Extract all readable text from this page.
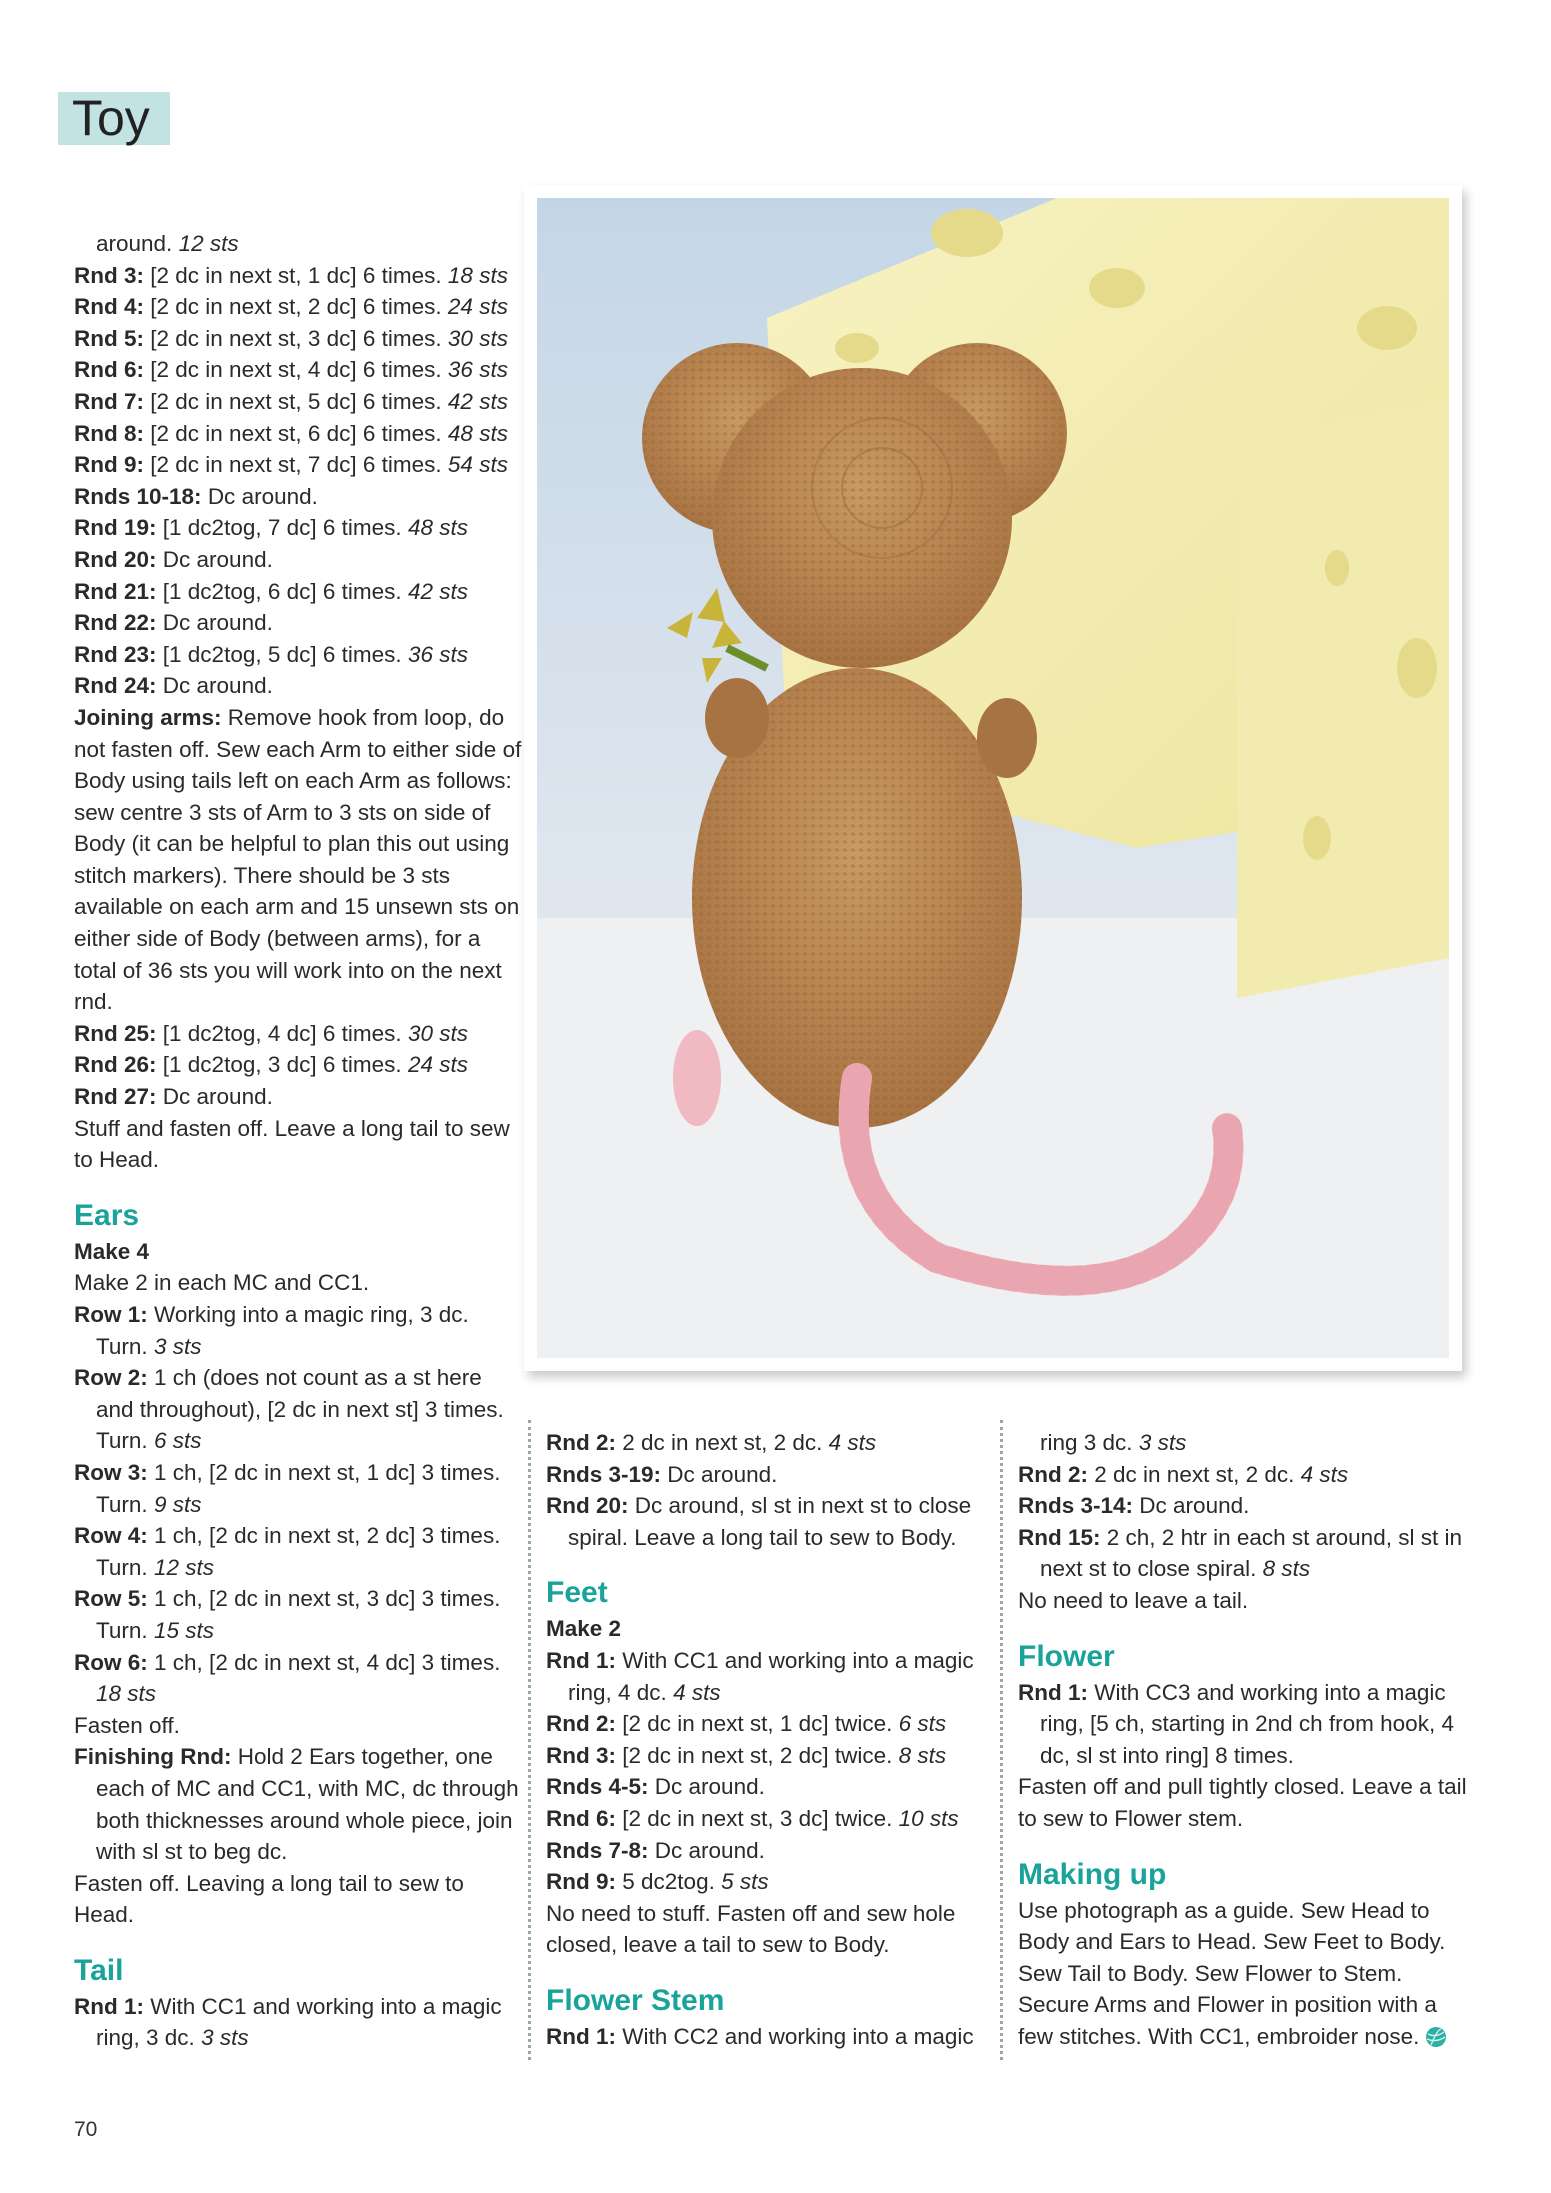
Toy

around. 12 sts

Rnd 3: [2 dc in next st, 1 dc] 6 times. 18 sts

Rnd 4: [2 dc in next st, 2 dc] 6 times. 24 sts

Rnd 5: [2 dc in next st, 3 dc] 6 times. 30 sts

Rnd 6: [2 dc in next st, 4 dc] 6 times. 36 sts

Rnd 7: [2 dc in next st, 5 dc] 6 times. 42 sts

Rnd 8: [2 dc in next st, 6 dc] 6 times. 48 sts

Rnd 9: [2 dc in next st, 7 dc] 6 times. 54 sts

Rnds 10-18: Dc around.

Rnd 19: [1 dc2tog, 7 dc] 6 times. 48 sts

Rnd 20: Dc around.

Rnd 21: [1 dc2tog, 6 dc] 6 times. 42 sts

Rnd 22: Dc around.

Rnd 23: [1 dc2tog, 5 dc] 6 times. 36 sts

Rnd 24: Dc around.

Joining arms: Remove hook from loop, do not fasten off. Sew each Arm to either side of Body using tails left on each Arm as follows: sew centre 3 sts of Arm to 3 sts on side of Body (it can be helpful to plan this out using stitch markers). There should be 3 sts available on each arm and 15 unsewn sts on either side of Body (between arms), for a total of 36 sts you will work into on the next rnd.

Rnd 25: [1 dc2tog, 4 dc] 6 times. 30 sts

Rnd 26: [1 dc2tog, 3 dc] 6 times. 24 sts

Rnd 27: Dc around.

Stuff and fasten off. Leave a long tail to sew to Head.

Ears

Make 4

Make 2 in each MC and CC1.

Row 1: Working into a magic ring, 3 dc. Turn. 3 sts

Row 2: 1 ch (does not count as a st here and throughout), [2 dc in next st] 3 times. Turn. 6 sts

Row 3: 1 ch, [2 dc in next st, 1 dc] 3 times. Turn. 9 sts

Row 4: 1 ch, [2 dc in next st, 2 dc] 3 times. Turn. 12 sts

Row 5: 1 ch, [2 dc in next st, 3 dc] 3 times. Turn. 15 sts

Row 6: 1 ch, [2 dc in next st, 4 dc] 3 times. 18 sts

Fasten off.

Finishing Rnd: Hold 2 Ears together, one each of MC and CC1, with MC, dc through both thicknesses around whole piece, join with sl st to beg dc.

Fasten off. Leaving a long tail to sew to Head.

Tail

Rnd 1: With CC1 and working into a magic ring, 3 dc. 3 sts

Rnd 2: 2 dc in next st, 2 dc. 4 sts

Rnds 3-19: Dc around.

Rnd 20: Dc around, sl st in next st to close spiral. Leave a long tail to sew to Body.

Feet

Make 2

Rnd 1: With CC1 and working into a magic ring, 4 dc. 4 sts

Rnd 2: [2 dc in next st, 1 dc] twice. 6 sts

Rnd 3: [2 dc in next st, 2 dc] twice. 8 sts

Rnds 4-5: Dc around.

Rnd 6: [2 dc in next st, 3 dc] twice. 10 sts

Rnds 7-8: Dc around.

Rnd 9: 5 dc2tog. 5 sts

No need to stuff. Fasten off and sew hole closed, leave a tail to sew to Body.

Flower Stem

Rnd 1: With CC2 and working into a magic

ring 3 dc. 3 sts

Rnd 2: 2 dc in next st, 2 dc. 4 sts

Rnds 3-14: Dc around.

Rnd 15: 2 ch, 2 htr in each st around, sl st in next st to close spiral. 8 sts

No need to leave a tail.

Flower

Rnd 1: With CC3 and working into a magic ring, [5 ch, starting in 2nd ch from hook, 4 dc, sl st into ring] 8 times.

Fasten off and pull tightly closed. Leave a tail to sew to Flower stem.

Making up

Use photograph as a guide. Sew Head to Body and Ears to Head. Sew Feet to Body. Sew Tail to Body. Sew Flower to Stem. Secure Arms and Flower in position with a few stitches. With CC1, embroider nose.

70
